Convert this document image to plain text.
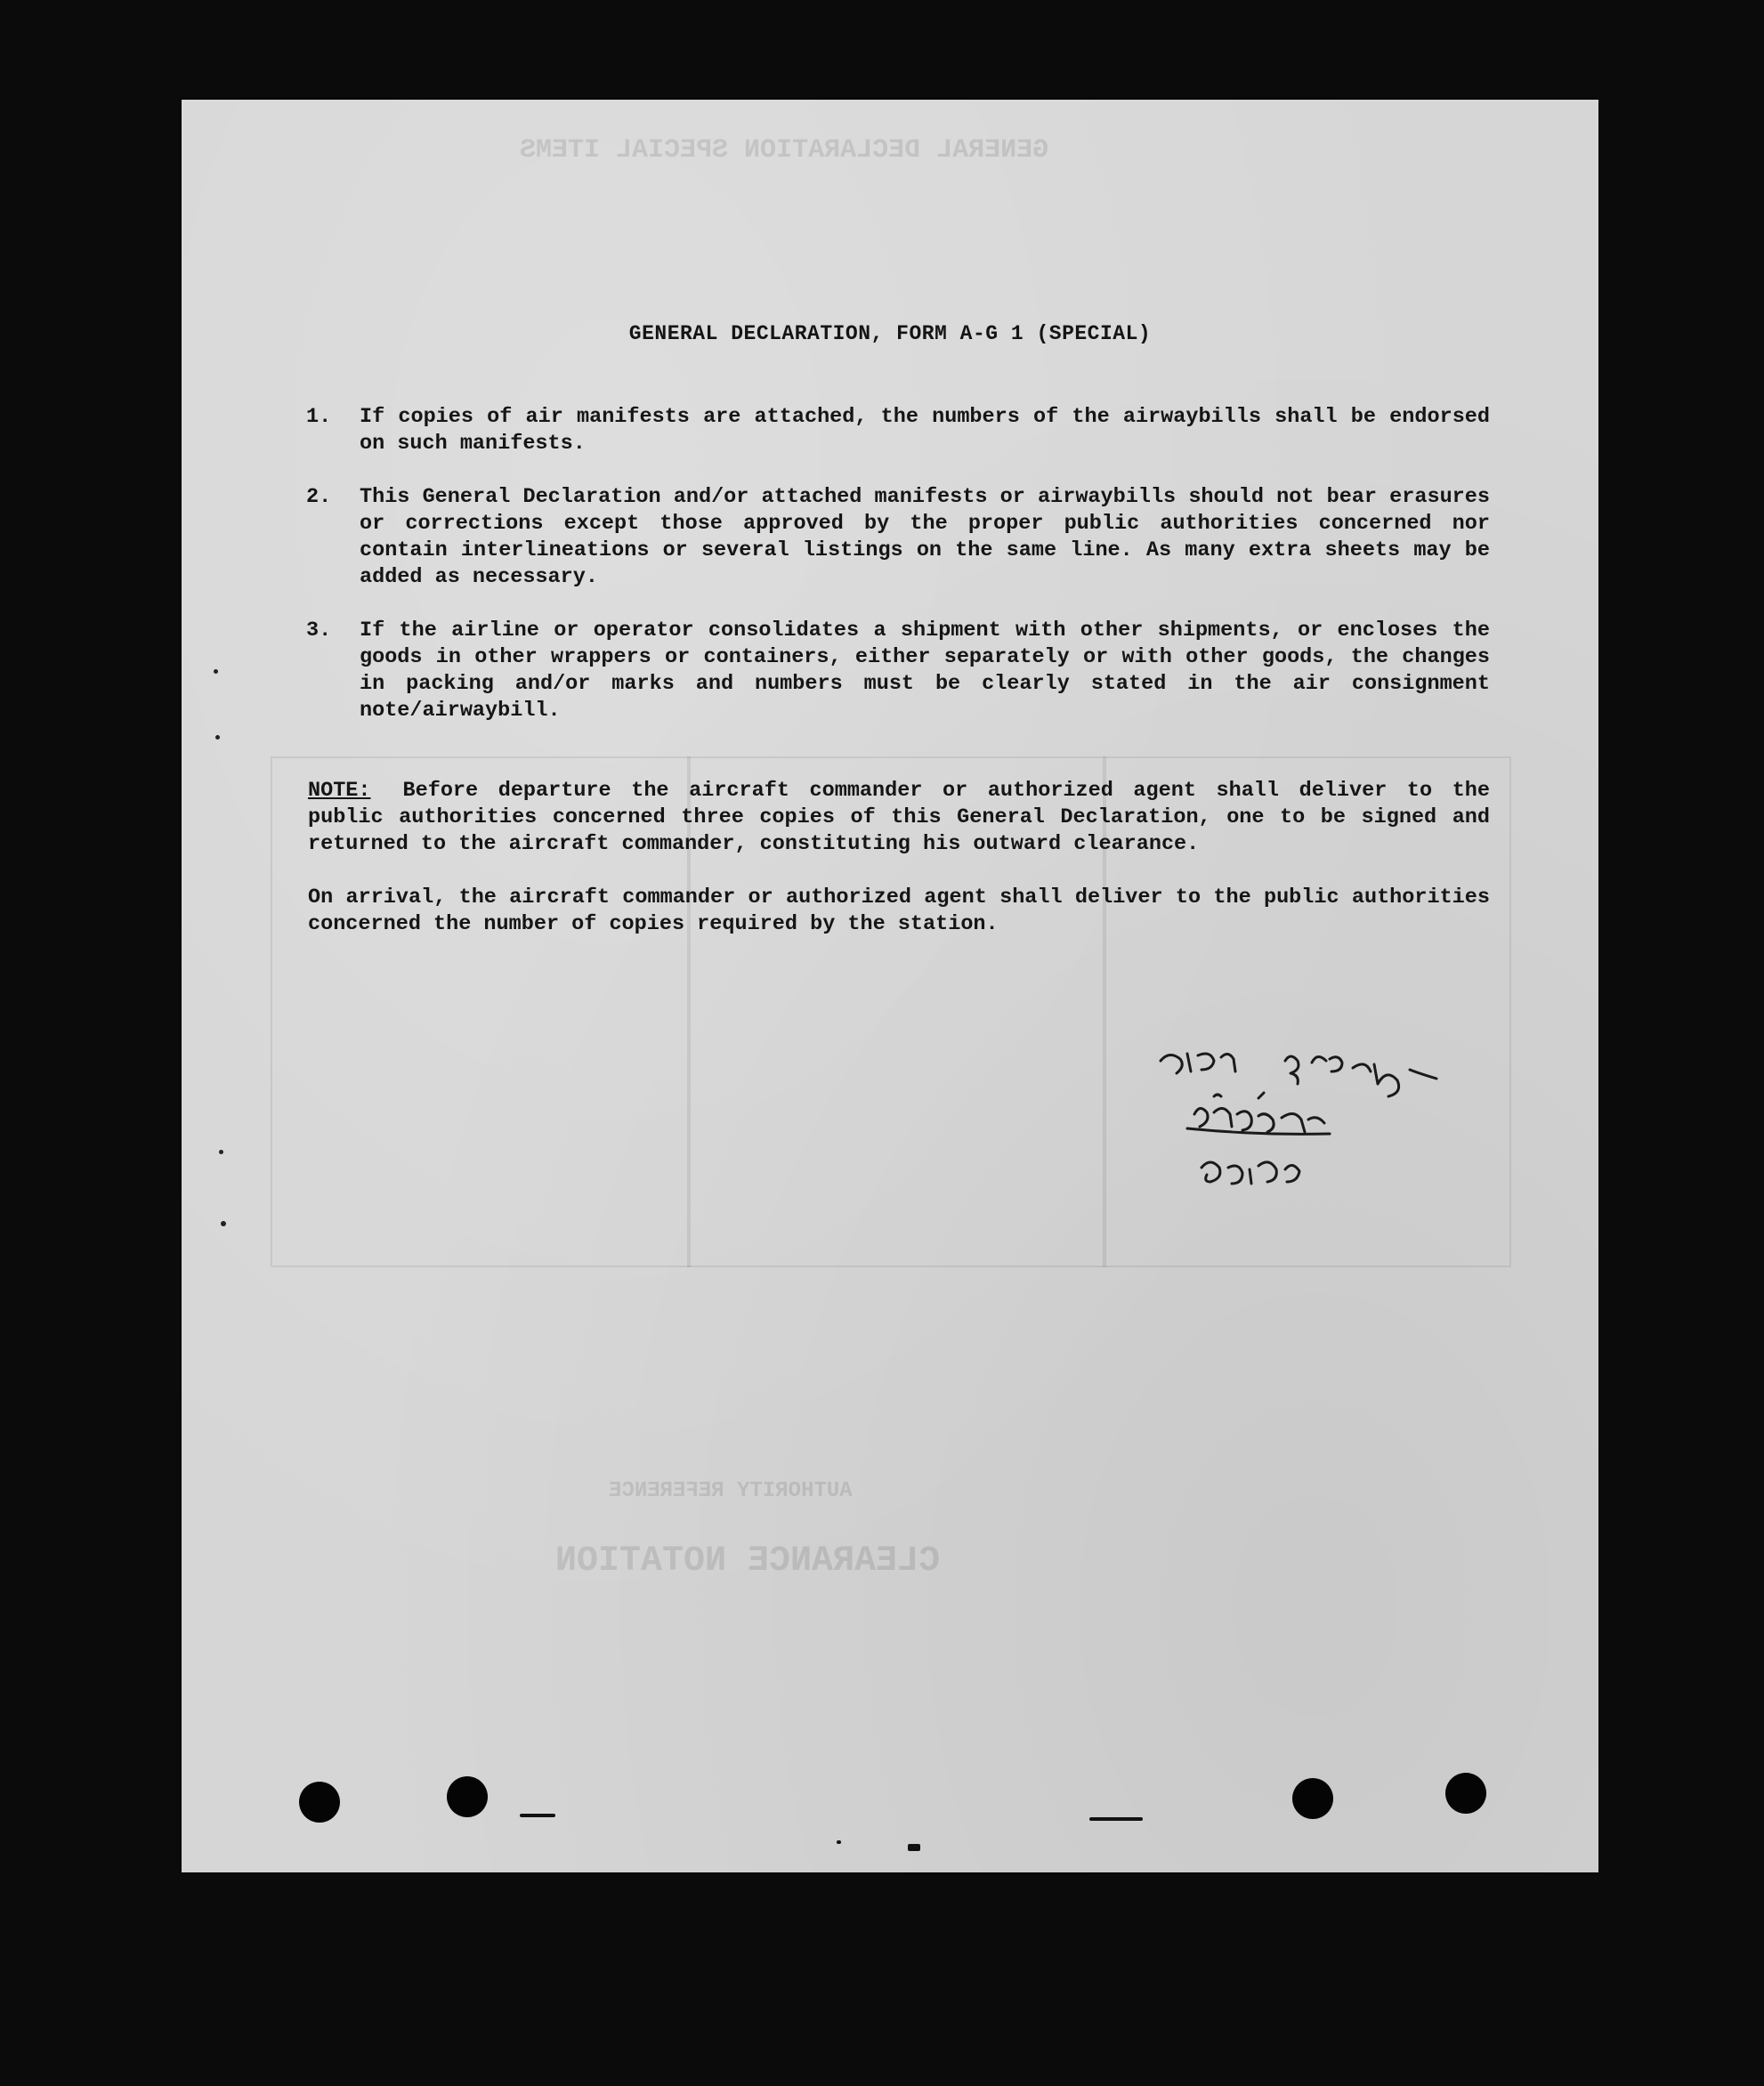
GENERAL DECLARATION SPECIAL ITEMS
CLEARANCE NOTATION
AUTHORITY REFERENCE
GENERAL DECLARATION, FORM A-G 1 (SPECIAL)
1.	If copies of air manifests are attached, the numbers of the airwaybills shall be endorsed on such manifests.
2.	This General Declaration and/or attached manifests or airwaybills should not bear erasures or corrections except those approved by the proper public authorities concerned nor contain interlineations or several listings on the same line. As many extra sheets may be added as necessary.
3.	If the airline or operator consolidates a shipment with other shipments, or encloses the goods in other wrappers or containers, either separately or with other goods, the changes in packing and/or marks and numbers must be clearly stated in the air consignment note/airwaybill.
NOTE: Before departure the aircraft commander or authorized agent shall deliver to the public authorities concerned three copies of this General Declaration, one to be signed and returned to the aircraft commander, constituting his outward clearance.
On arrival, the aircraft commander or authorized agent shall deliver to the public authorities concerned the number of copies required by the station.
